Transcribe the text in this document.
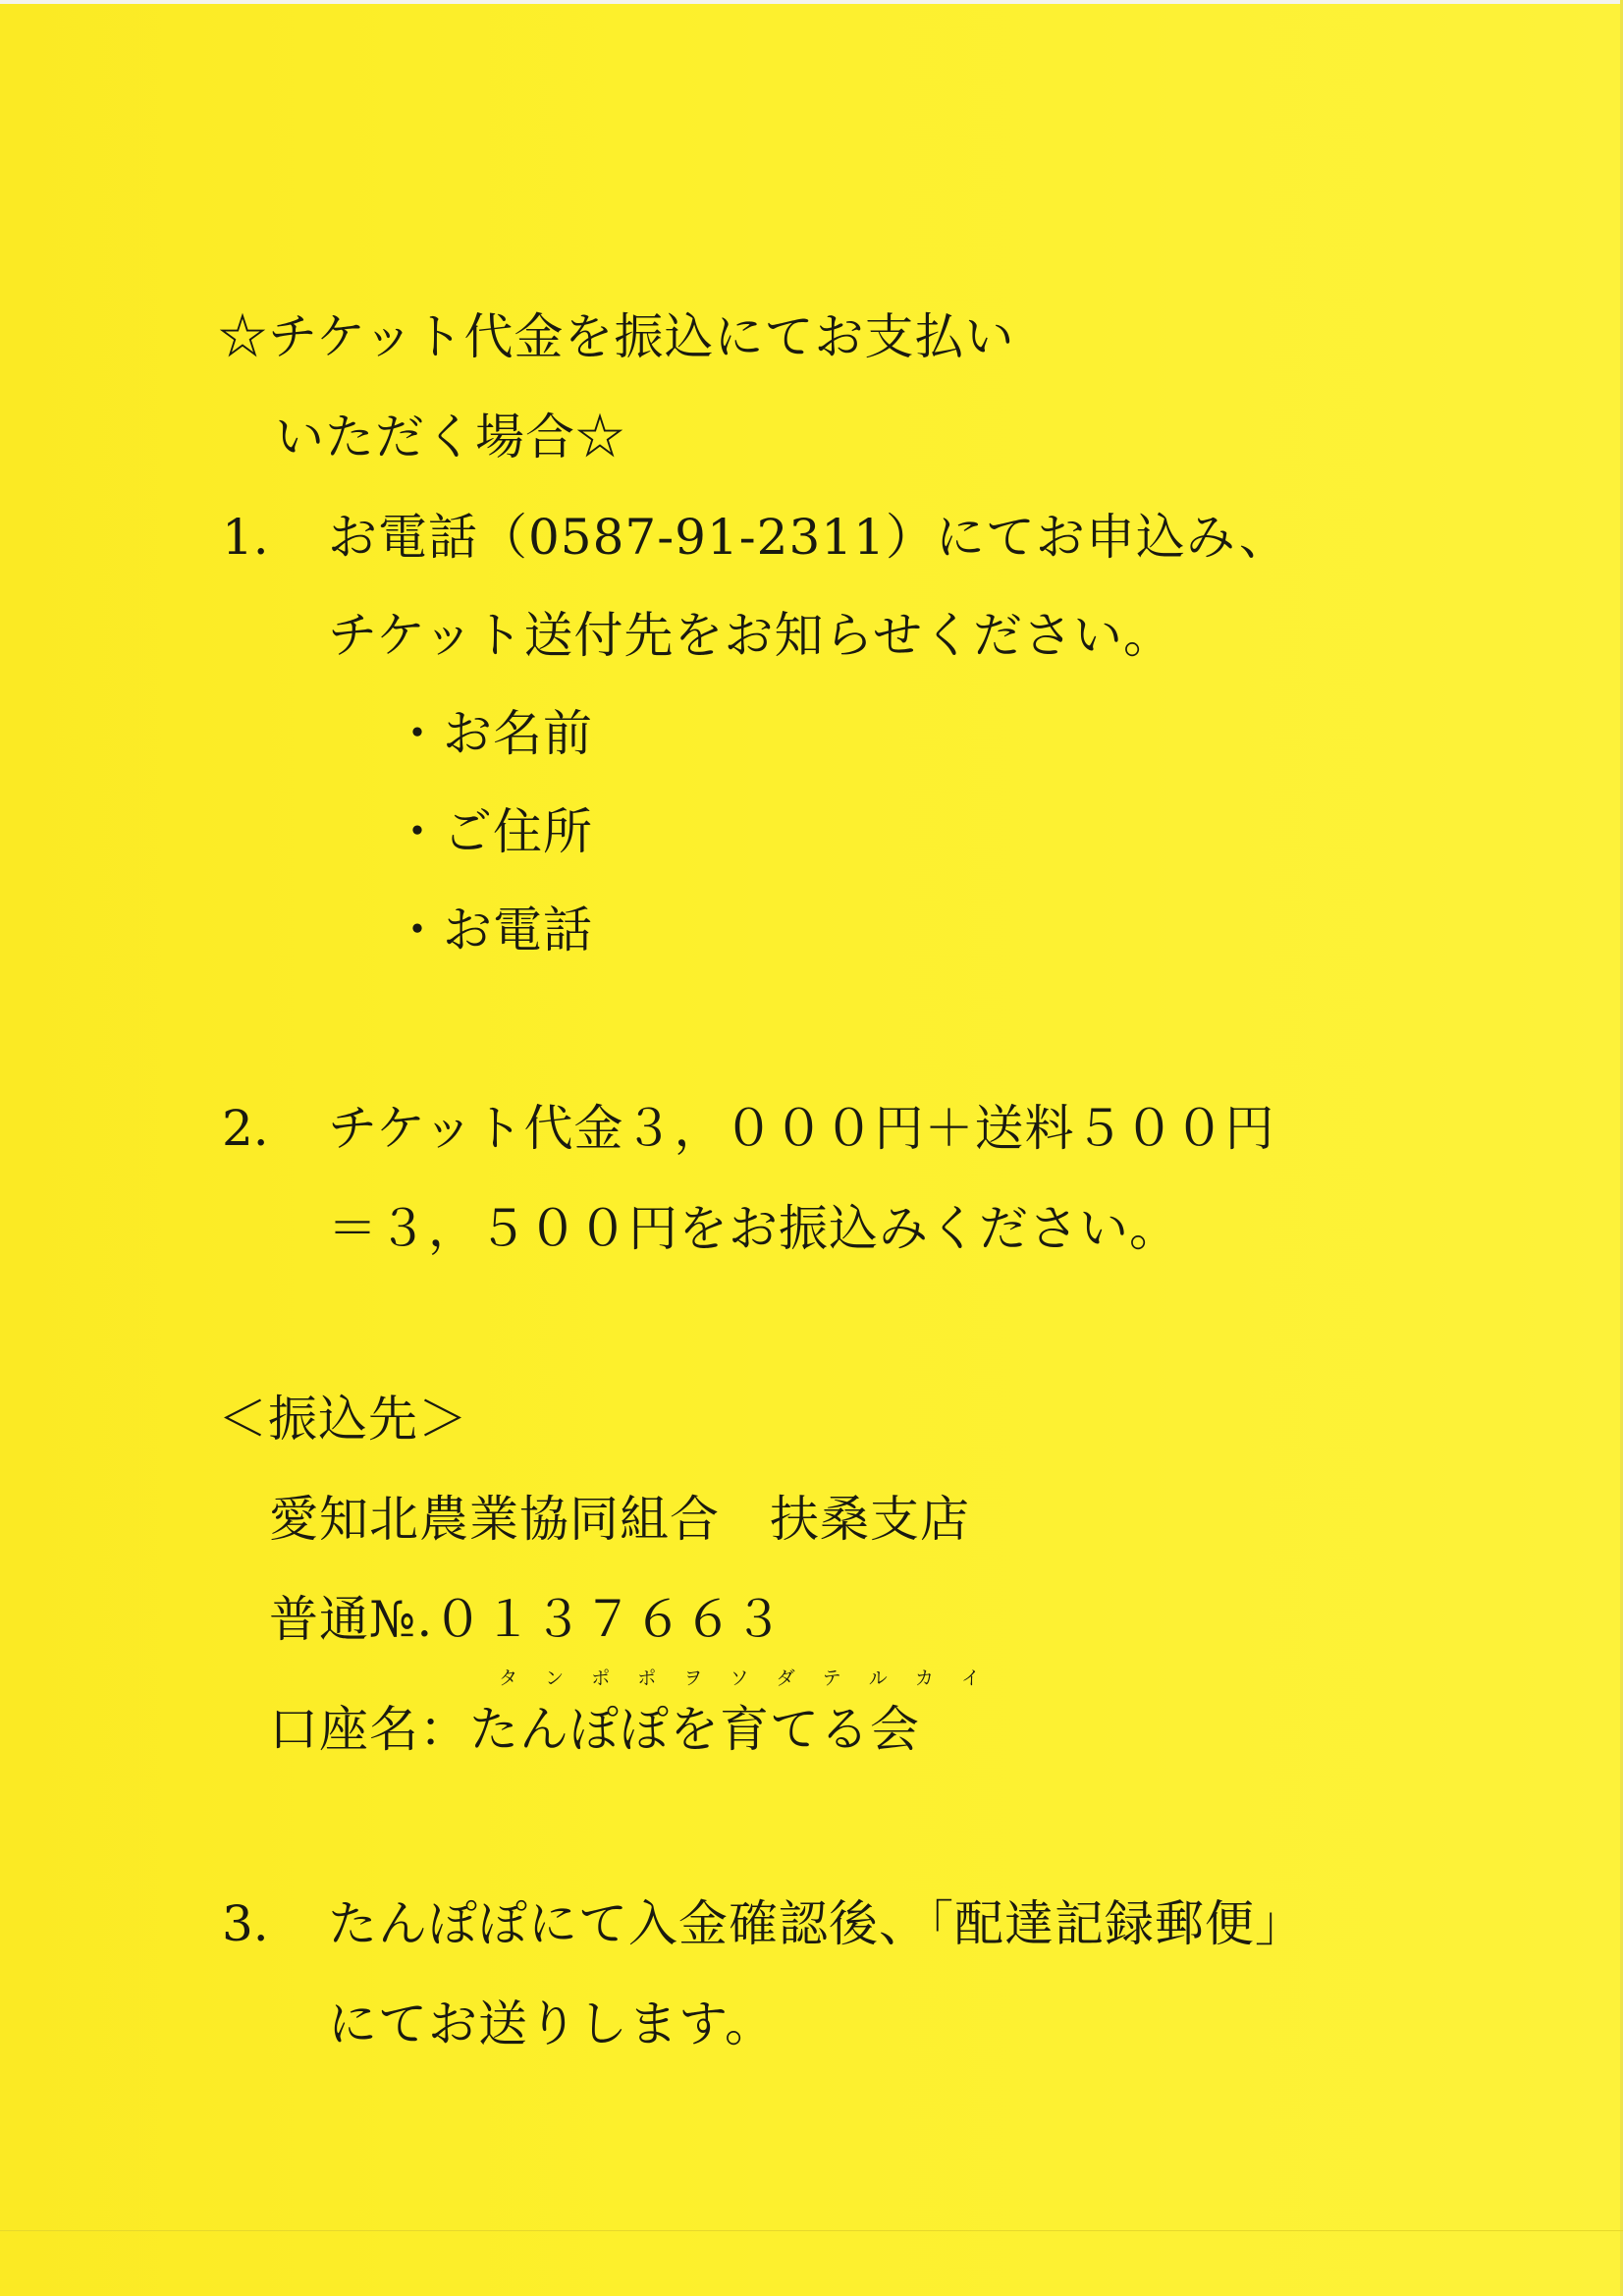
☆チケット代金を振込にてお支払い
いただく場合☆
1. お電話（0587-91-2311）にてお申込み、
チケット送付先をお知らせください。
・お名前
・ご住所
・お電話
2. チケット代金３，０００円＋送料５００円
＝３，５００円をお振込みください。
＜振込先＞
愛知北農業協同組合　扶桑支店
普通№.０１３７６６３
タ ン ポ ポ ヲ ソ ダ テ ル カ イ
口座名：たんぽぽを育てる会
3. たんぽぽにて入金確認後、「配達記録郵便」
にてお送りします。
